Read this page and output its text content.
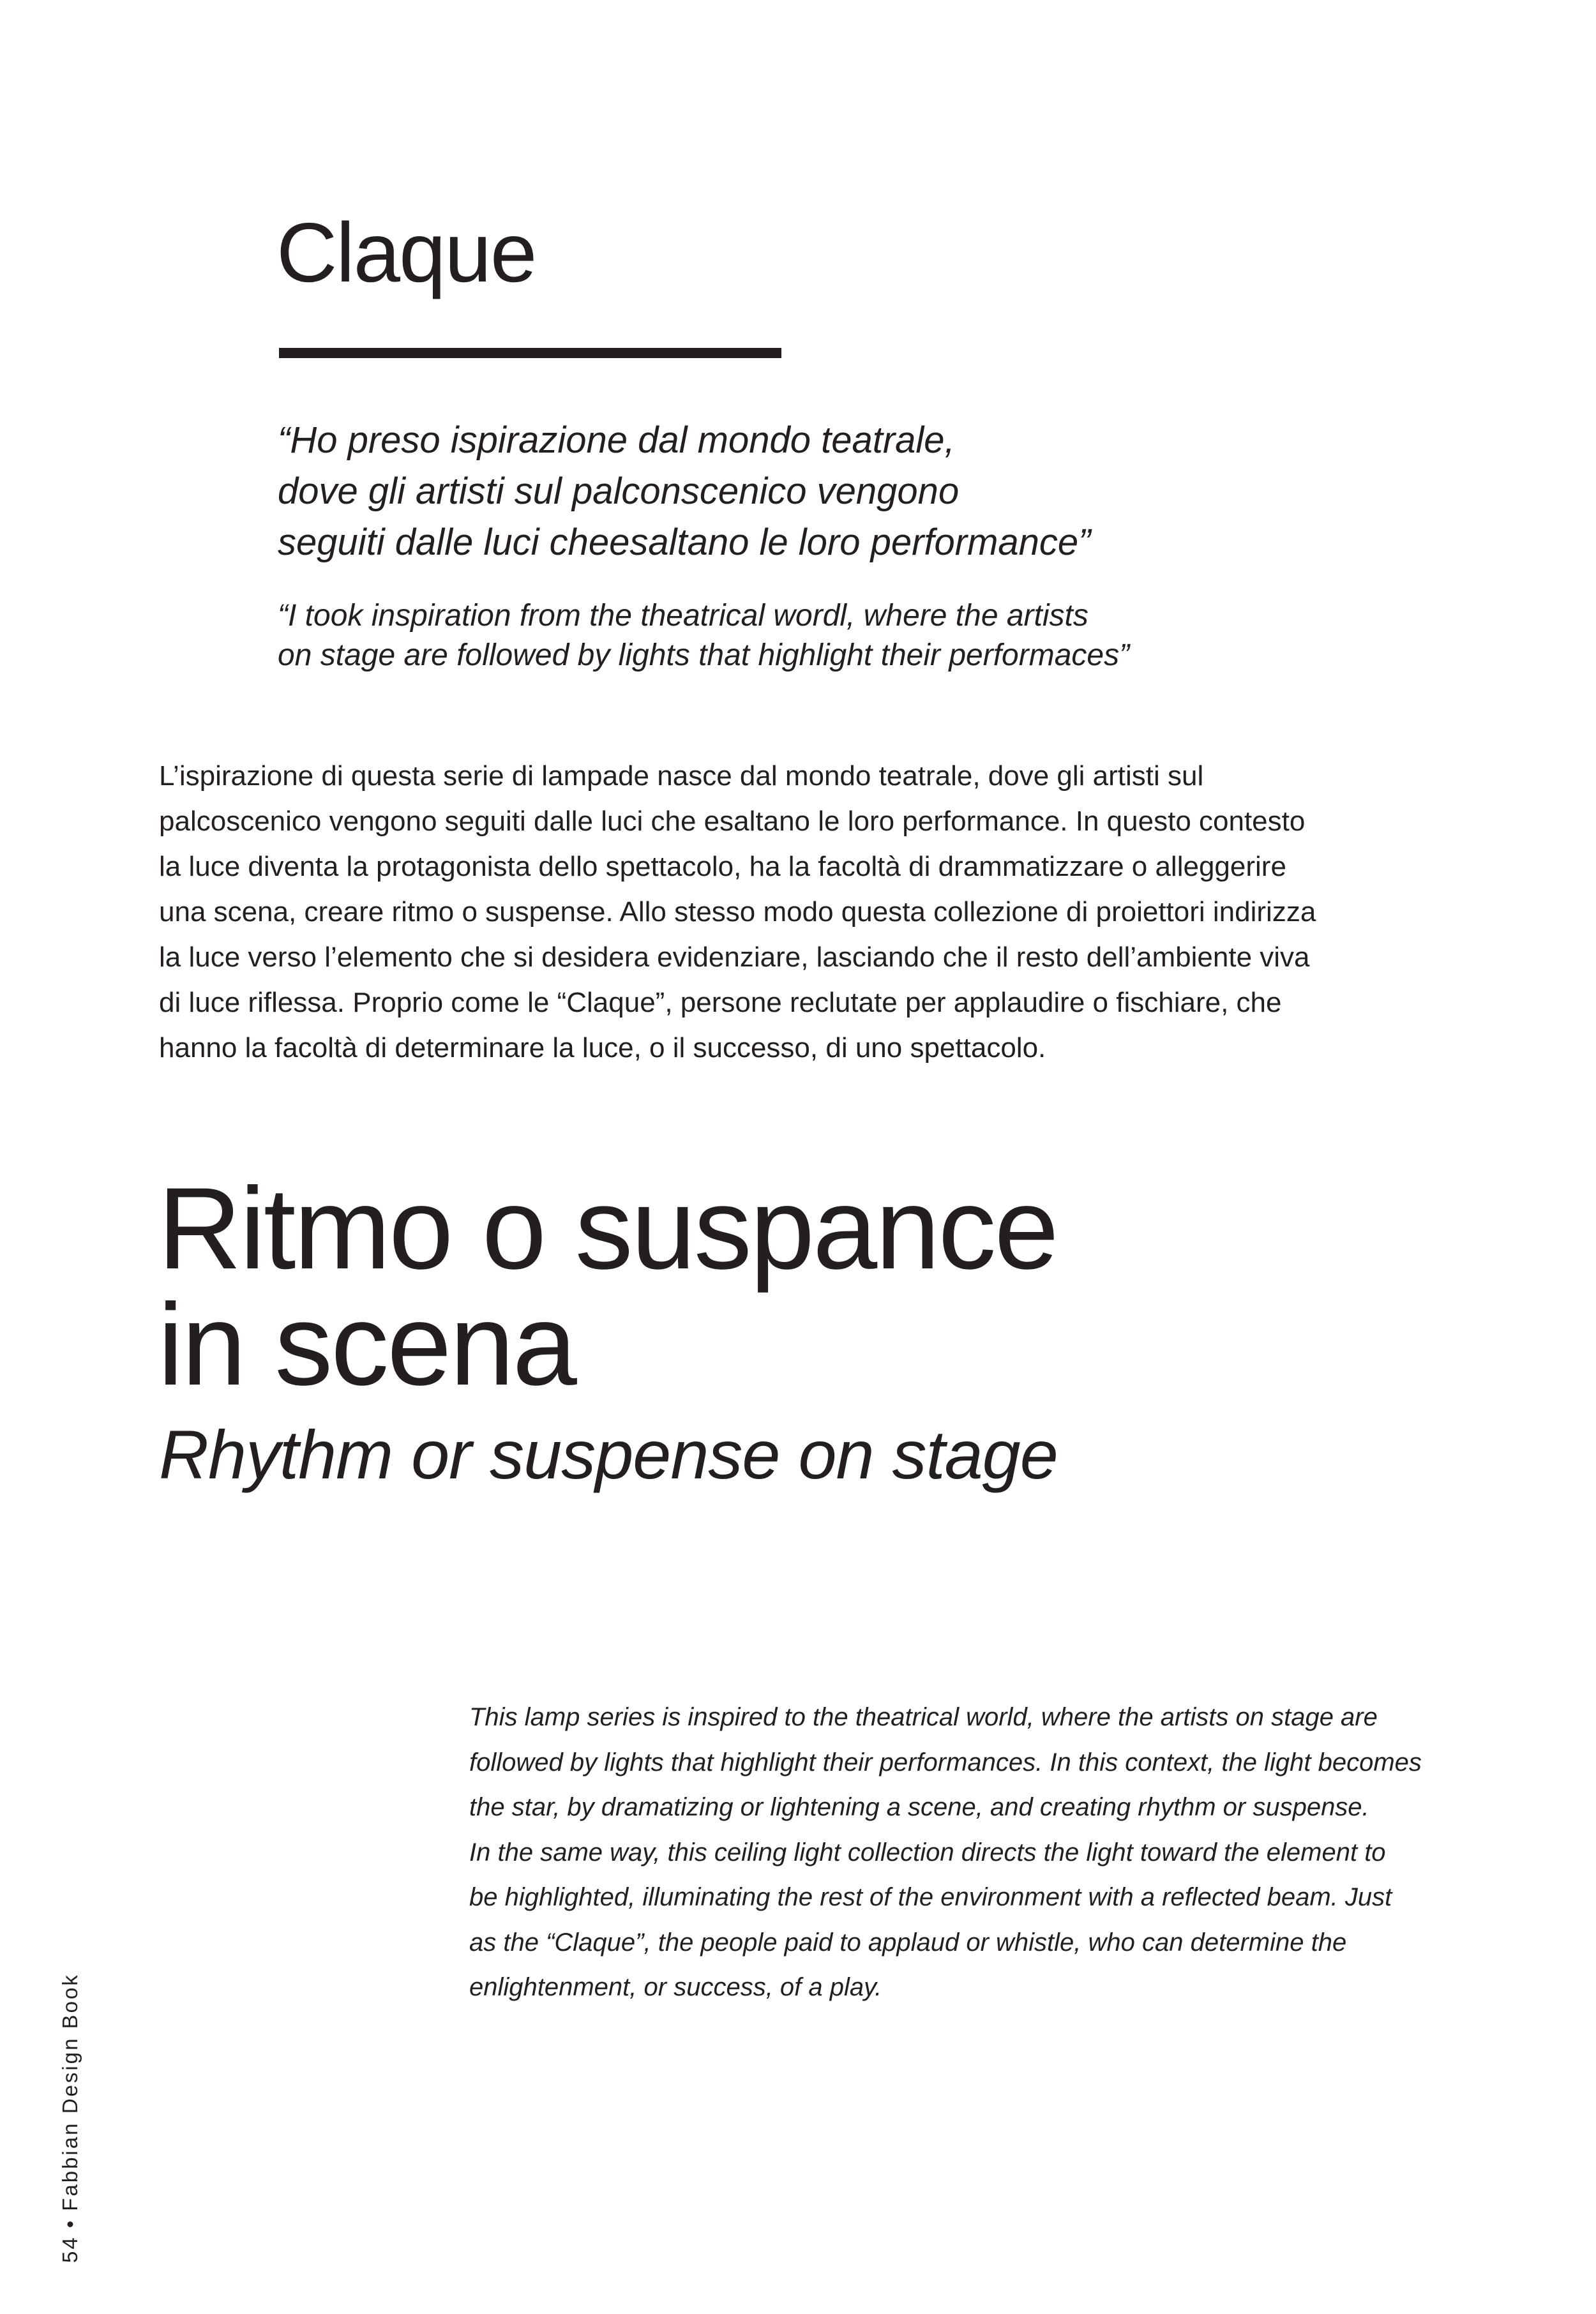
Claque

“Ho preso ispirazione dal mondo teatrale,
dove gli artisti sul palconscenico vengono
seguiti dalle luci cheesaltano le loro performance”

“I took inspiration from the theatrical wordl, where the artists
on stage are followed by lights that highlight their performaces”

L’ispirazione di questa serie di lampade nasce dal mondo teatrale, dove gli artisti sul
palcoscenico vengono seguiti dalle luci che esaltano le loro performance. In questo contesto
la luce diventa la protagonista dello spettacolo, ha la facoltà di drammatizzare o alleggerire
una scena, creare ritmo o suspense. Allo stesso modo questa collezione di proiettori indirizza
la luce verso l’elemento che si desidera evidenziare, lasciando che il resto dell’ambiente viva
di luce riflessa. Proprio come le “Claque”, persone reclutate per applaudire o fischiare, che
hanno la facoltà di determinare la luce, o il successo, di uno spettacolo.

Ritmo o suspance
in scena
Rhythm or suspense on stage

This lamp series is inspired to the theatrical world, where the artists on stage are
followed by lights that highlight their performances. In this context, the light becomes
the star, by dramatizing or lightening a scene, and creating rhythm or suspense.
In the same way, this ceiling light collection directs the light toward the element to
be highlighted, illuminating the rest of the environment with a reflected beam. Just
as the “Claque”, the people paid to applaud or whistle, who can determine the
enlightenment, or success, of a play.

54•Fabbian Design Book
